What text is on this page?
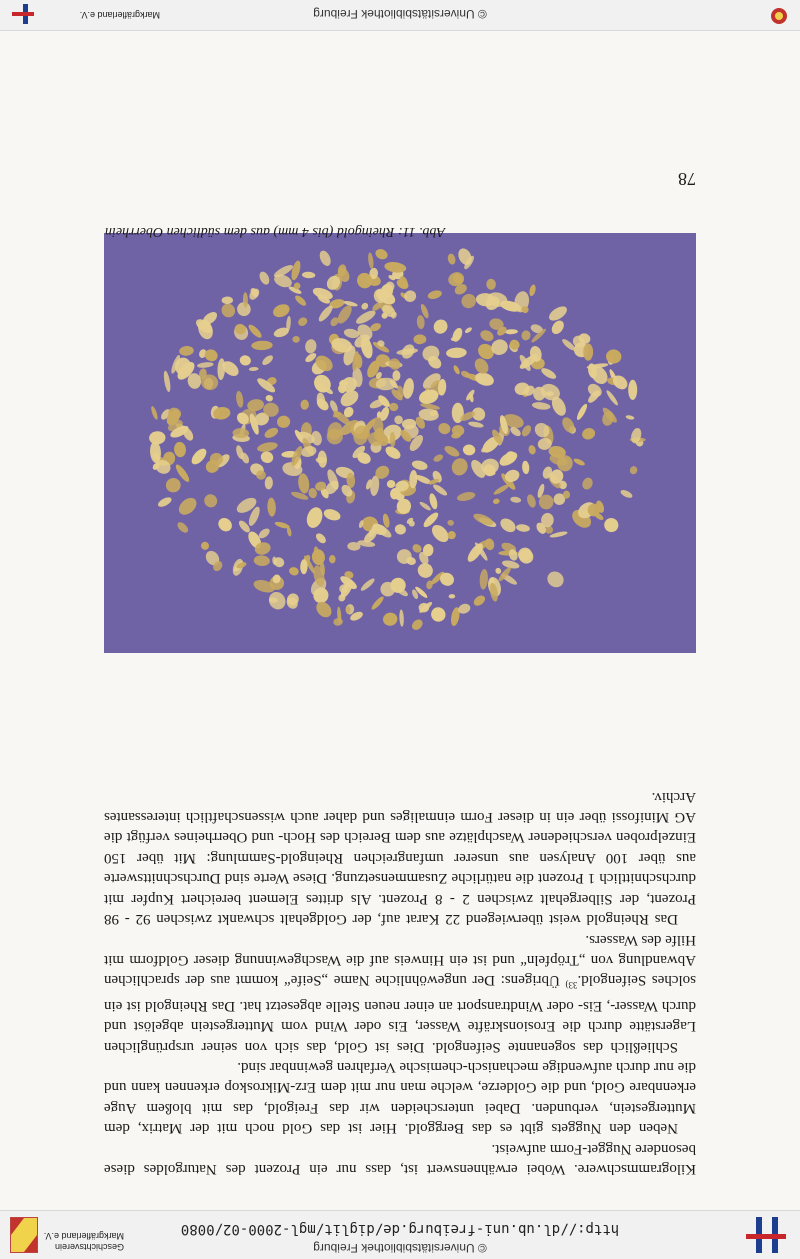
© Universitätsbibliothek Freiburg
http://dl.ub.uni-freiburg.de/diglit/mgl-2000-02/0080
Geschichtsverein
Markgräflerland e.V.

Kilogrammschwere. Wobei erwähnenswert ist, dass nur ein Prozent des Naturgoldes diese besondere Nugget-Form aufweist.

Neben den Nuggets gibt es das Berggold. Hier ist das Gold noch mit der Matrix, dem Muttergestein, verbunden. Dabei unterscheiden wir das Freigold, das mit bloßem Auge erkennbare Gold, und die Golderze, welche man nur mit dem Erz-Mikroskop erkennen kann und die nur durch aufwendige mechanisch-chemische Verfahren gewinnbar sind.

Schließlich das sogenannte Seifengold. Dies ist Gold, das sich von seiner ursprünglichen Lagerstätte durch die Erosionskräfte Wasser, Eis oder Wind vom Muttergestein abgelöst und durch Wasser-, Eis- oder Windtransport an einer neuen Stelle abgesetzt hat. Das Rheingold ist ein solches Seifengold.$^{33)}$ Übrigens: Der ungewöhnliche Name „Seife“ kommt aus der sprachlichen Abwandlung von „Tröpfeln“ und ist ein Hinweis auf die Waschgewinnung dieser Goldform mit Hilfe des Wassers.

Das Rheingold weist überwiegend 22 Karat auf, der Goldgehalt schwankt zwischen 92 - 98 Prozent, der Silbergehalt zwischen 2 - 8 Prozent. Als drittes Element bereichert Kupfer mit durchschnittlich 1 Prozent die natürliche Zusammensetzung. Diese Werte sind Durchschnittswerte aus über 100 Analysen aus unserer umfangreichen Rheingold-Sammlung: Mit über 150 Einzelproben verschiedener Waschplätze aus dem Bereich des Hoch- und Oberrheines verfügt die AG Minifossi über ein in dieser Form einmaliges und daher auch wissenschaftlich interessantes Archiv.

Abb. 11: Rheingold (bis 4 mm) aus dem südlichen Oberrhein
78
© Universitätsbibliothek Freiburg
Markgräflerland e.V.
